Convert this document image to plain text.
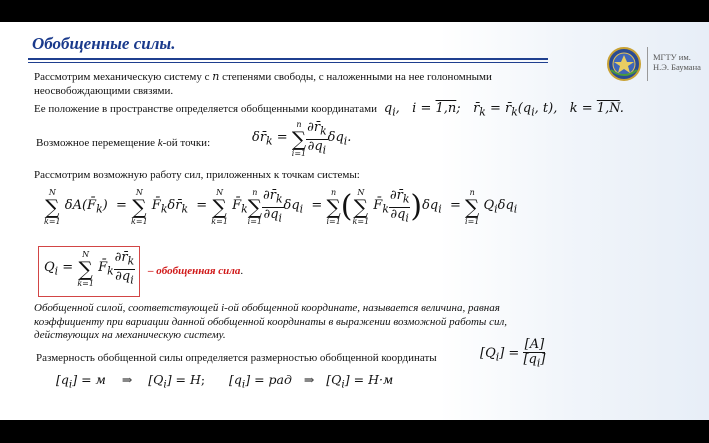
Обобщенные силы.
МГТУ им.
Н.Э. Баумана
Рассмотрим механическую систему с n степенями свободы, с наложенными на нее голономными
неосвобождающими связями.
Ее положение в пространстве определяется обобщенными координатами  $q_i$,   i = 1,n;   $r̄_k$ = $r̄_k(q_i$, t),   k = 1,N.
Возможное перемещение k-ой точки:	$\delta r̄_k$ =
n
∑
$i=1 \frac{\partial r̄_k}{\partial q_i} \delta q_i$.
Рассмотрим возможную работу сил, приложенных к точкам системы:
N
∑
k=1
$\delta A(F̄_k)$  =
N
∑
k=1
$F̄_k\delta r̄_k$  =
N
∑
k=1
$F̄_k$
n
∑
$i=1 \frac{\partial r̄_k}{\partial q_i} \delta q_i$  =
n
∑
i=1 ( N
∑
k=1
$F̄_k \frac{\partial r̄_k}{\partial q_i}$ ) $\delta q_i$  =
n
∑
i=1
$Q_i\delta q_i$
$Q_i$ =
N
∑
k=1
$F̄_k \frac{\partial r̄_k}{\partial q_i}$ – обобщенная сила.
Обобщенной силой, соответствующей i-ой обобщенной координате, называется величина, равная коэффициенту при вариации данной обобщенной координаты в выражении возможной работы сил, действующих на механическую систему.
Размерность обобщенной силы определяется размерностью обобщенной координаты	$[Q_i] = \frac{[A]}{[q_i]}$
$[q_i] = м$    ⇒    $[Q_i] = Н$; $[q_i]$ = рад   ⇒   $[Q_i] = Н\cdot м$
